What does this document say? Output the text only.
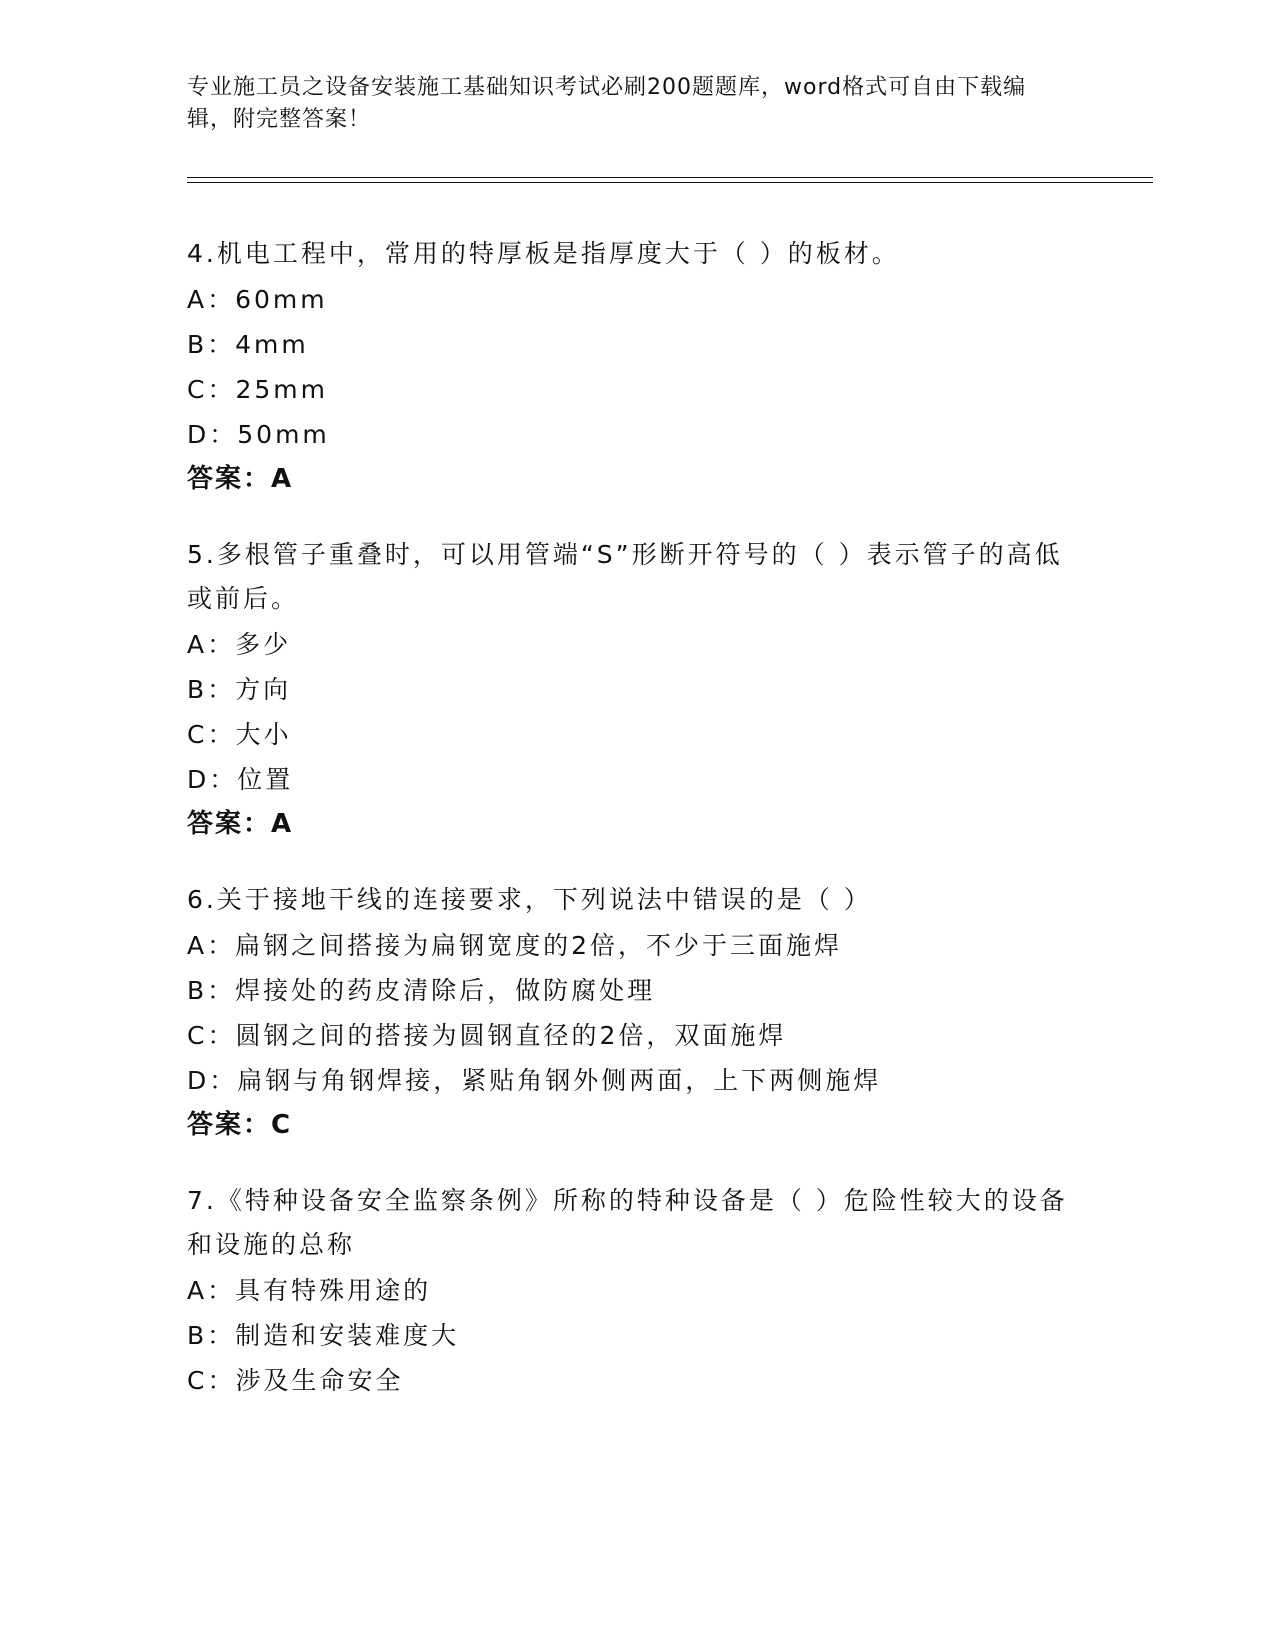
专业施工员之设备安装施工基础知识考试必刷200题题库，word格式可自由下载编辑，附完整答案！
4.机电工程中，常用的特厚板是指厚度大于（ ）的板材。
A：60mm
B：4mm
C：25mm
D：50mm
答案：A
5.多根管子重叠时，可以用管端“S”形断开符号的（ ）表示管子的高低或前后。
A：多少
B：方向
C：大小
D：位置
答案：A
6.关于接地干线的连接要求，下列说法中错误的是（ ）
A：扁钢之间搭接为扁钢宽度的2倍，不少于三面施焊
B：焊接处的药皮清除后，做防腐处理
C：圆钢之间的搭接为圆钢直径的2倍，双面施焊
D：扁钢与角钢焊接，紧贴角钢外侧两面，上下两侧施焊
答案：C
7.《特种设备安全监察条例》所称的特种设备是（ ）危险性较大的设备和设施的总称
A：具有特殊用途的
B：制造和安装难度大
C：涉及生命安全
